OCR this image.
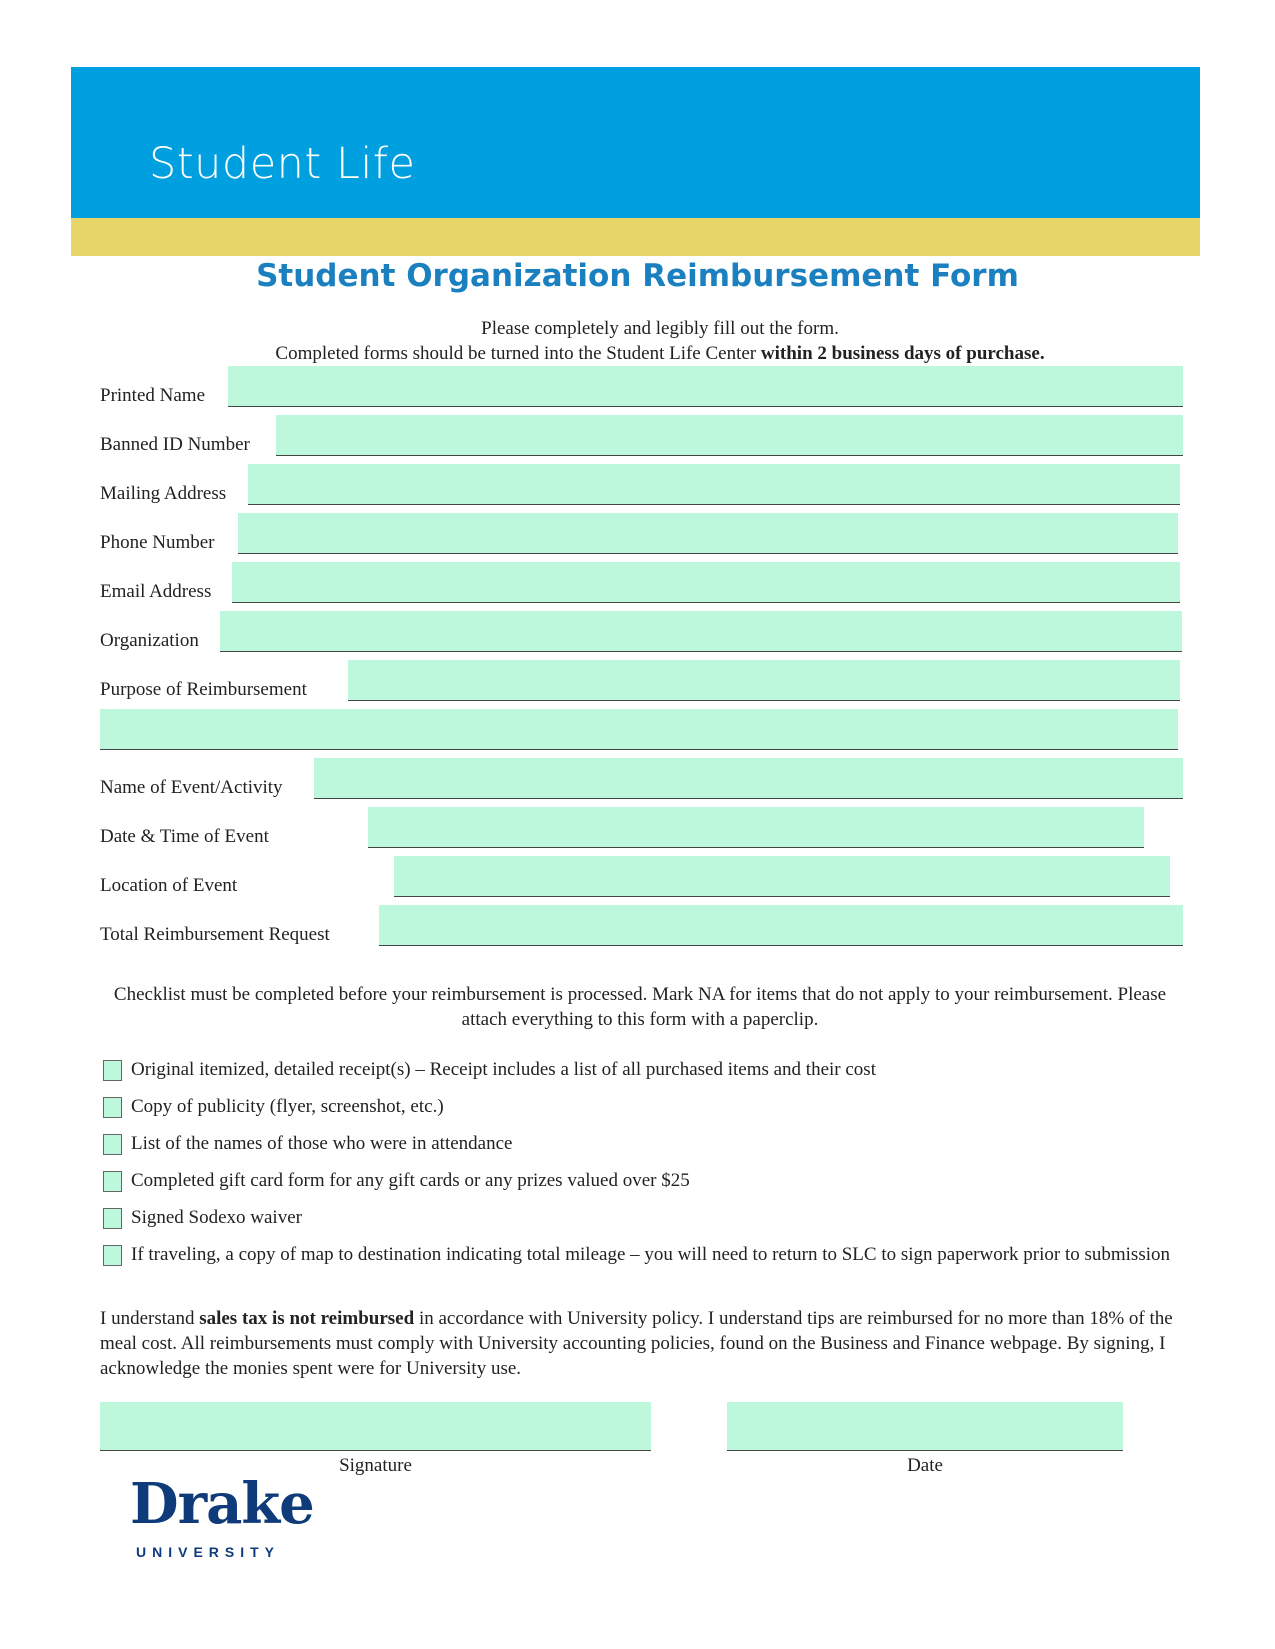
Student Life
Student Organization Reimbursement Form
Please completely and legibly fill out the form.
Completed forms should be turned into the Student Life Center within 2 business days of purchase.
Printed Name
Banned ID Number
Mailing Address
Phone Number
Email Address
Organization
Purpose of Reimbursement
Name of Event/Activity
Date & Time of Event
Location of Event
Total Reimbursement Request
Checklist must be completed before your reimbursement is processed. Mark NA for items that do not apply to your reimbursement. Please attach everything to this form with a paperclip.
Original itemized, detailed receipt(s) – Receipt includes a list of all purchased items and their cost
Copy of publicity (flyer, screenshot, etc.)
List of the names of those who were in attendance
Completed gift card form for any gift cards or any prizes valued over $25
Signed Sodexo waiver
If traveling, a copy of map to destination indicating total mileage – you will need to return to SLC to sign paperwork prior to submission
I understand sales tax is not reimbursed in accordance with University policy. I understand tips are reimbursed for no more than 18% of the meal cost. All reimbursements must comply with University accounting policies, found on the Business and Finance webpage. By signing, I acknowledge the monies spent were for University use.
Signature	Date
Drake
UNIVERSITY
